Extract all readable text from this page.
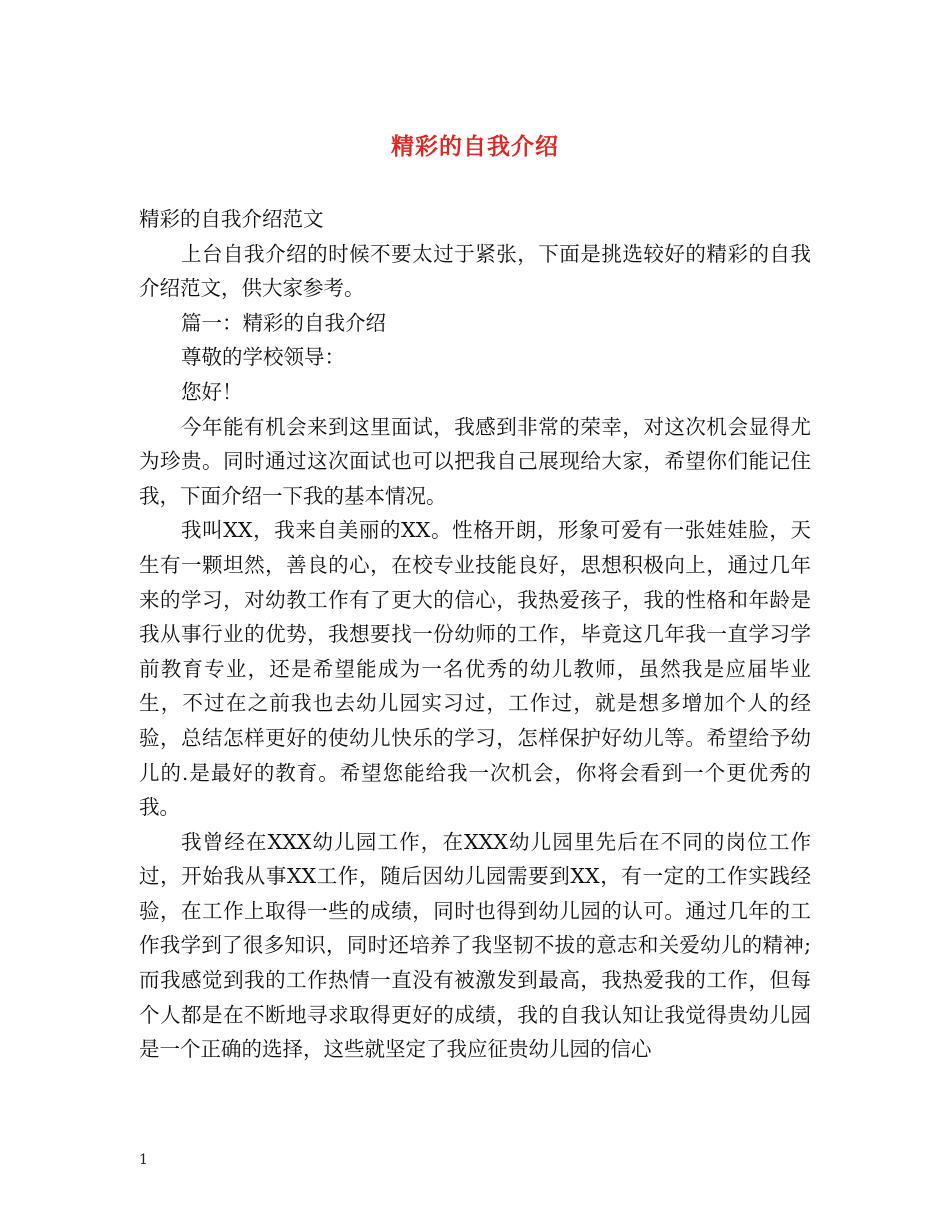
精彩的自我介绍

精彩的自我介绍范文

上台自我介绍的时候不要太过于紧张，下面是挑选较好的精彩的自我介绍范文，供大家参考。

篇一：精彩的自我介绍

尊敬的学校领导：

您好！

今年能有机会来到这里面试，我感到非常的荣幸，对这次机会显得尤为珍贵。同时通过这次面试也可以把我自己展现给大家，希望你们能记住我，下面介绍一下我的基本情况。

我叫XX，我来自美丽的XX。性格开朗，形象可爱有一张娃娃脸，天生有一颗坦然，善良的心，在校专业技能良好，思想积极向上，通过几年来的学习，对幼教工作有了更大的信心，我热爱孩子，我的性格和年龄是我从事行业的优势，我想要找一份幼师的工作，毕竟这几年我一直学习学前教育专业，还是希望能成为一名优秀的幼儿教师，虽然我是应届毕业生，不过在之前我也去幼儿园实习过，工作过，就是想多增加个人的经验，总结怎样更好的使幼儿快乐的学习，怎样保护好幼儿等。希望给予幼儿的.是最好的教育。希望您能给我一次机会，你将会看到一个更优秀的我。

我曾经在XXX幼儿园工作，在XXX幼儿园里先后在不同的岗位工作过，开始我从事XX工作，随后因幼儿园需要到XX，有一定的工作实践经验，在工作上取得一些的成绩，同时也得到幼儿园的认可。通过几年的工作我学到了很多知识，同时还培养了我坚韧不拔的意志和关爱幼儿的精神;而我感觉到我的工作热情一直没有被激发到最高，我热爱我的工作，但每个人都是在不断地寻求取得更好的成绩，我的自我认知让我觉得贵幼儿园是一个正确的选择，这些就坚定了我应征贵幼儿园的信心

1
